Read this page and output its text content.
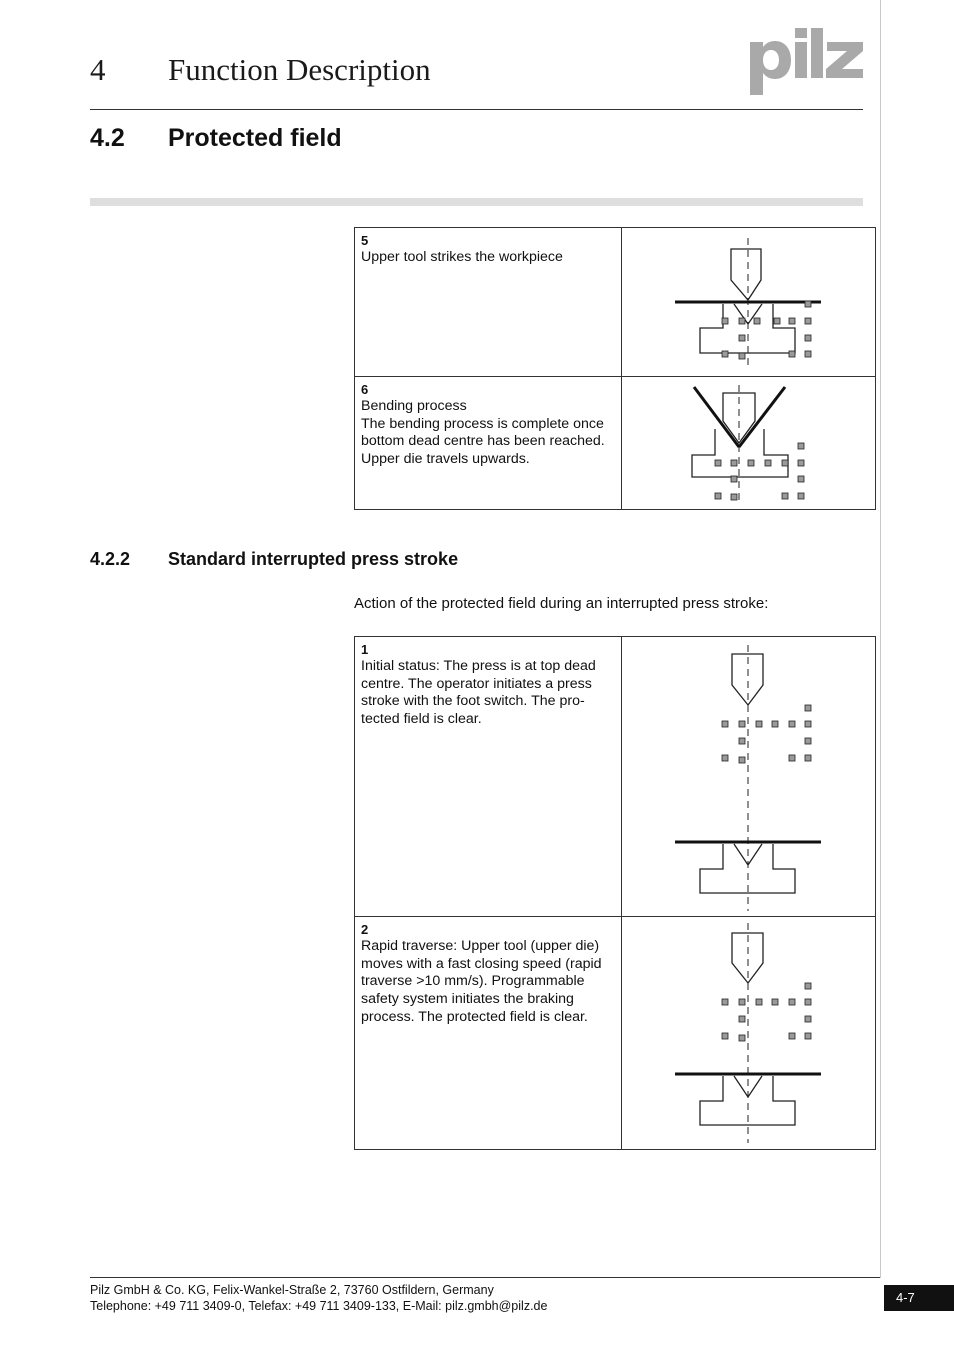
4 Function Description
4.2 Protected field
5
Upper tool strikes the workpiece	

6
Bending process
The bending process is complete once bottom dead centre has been reached. Upper die travels upwards.

4.2.2 Standard interrupted press stroke
Action of the protected field during an interrupted press stroke:
1
Initial status: The press is at top dead centre. The operator initiates a press stroke with the foot switch. The pro-tected field is clear.	

2
Rapid traverse: Upper tool (upper die) moves with a fast closing speed (rapid traverse >10 mm/s). Programmable safety system initiates the braking process. The protected field is clear.	
Pilz GmbH & Co. KG, Felix-Wankel-Straße 2, 73760 Ostfildern, Germany
Telephone: +49 711 3409-0, Telefax: +49 711 3409-133, E-Mail: pilz.gmbh@pilz.de
4-7
